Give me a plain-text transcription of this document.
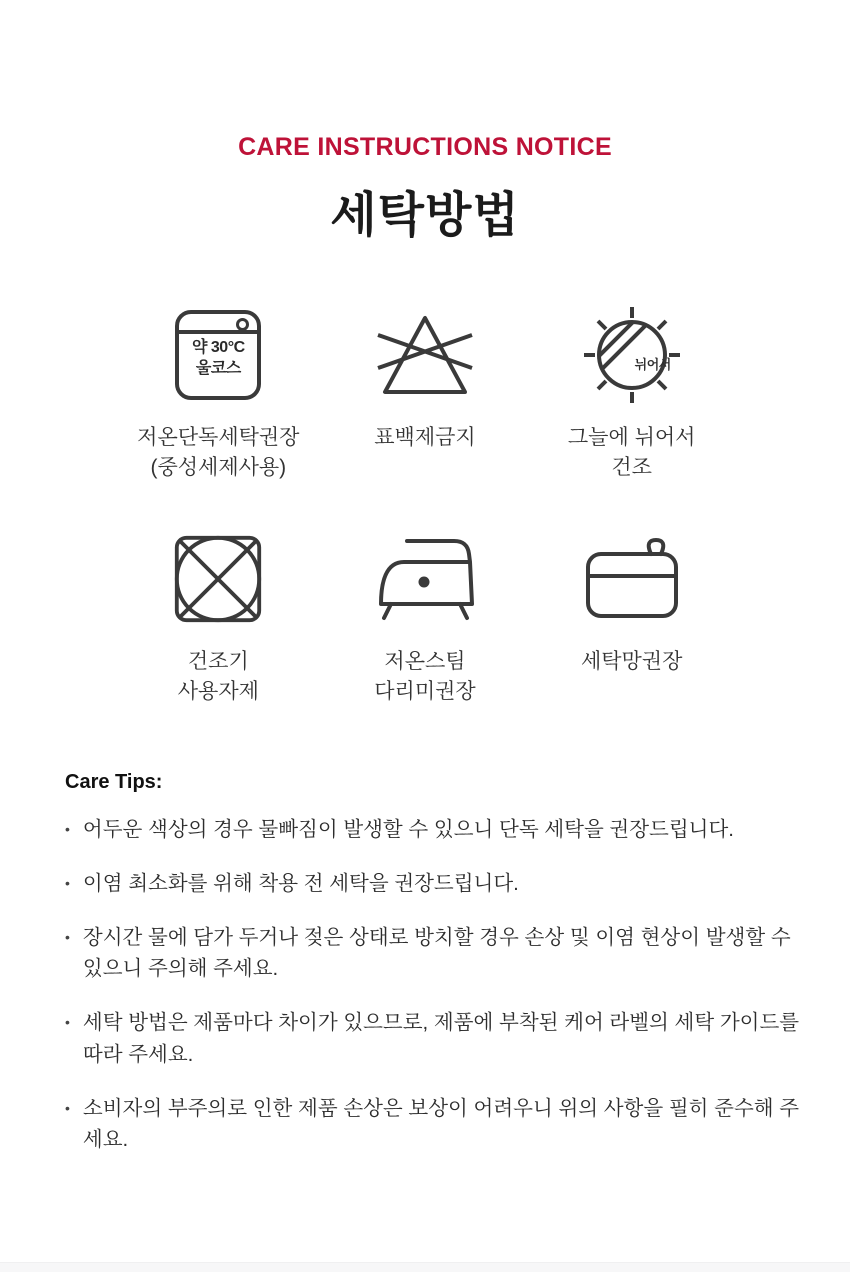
CARE INSTRUCTIONS NOTICE
세탁방법
약 30°C
울코스
저온단독세탁권장
(중성세제사용)
표백제금지
뉘어서
그늘에 뉘어서
건조
건조기
사용자제
저온스팀
다리미권장
세탁망권장
Care Tips:
• 어두운 색상의 경우 물빠짐이 발생할 수 있으니 단독 세탁을 권장드립니다.
• 이염 최소화를 위해 착용 전 세탁을 권장드립니다.
• 장시간 물에 담가 두거나 젖은 상태로 방치할 경우 손상 및 이염 현상이 발생할 수 있으니 주의해 주세요.
• 세탁 방법은 제품마다 차이가 있으므로, 제품에 부착된 케어 라벨의 세탁 가이드를 따라 주세요.
• 소비자의 부주의로 인한 제품 손상은 보상이 어려우니 위의 사항을 필히 준수해 주세요.
